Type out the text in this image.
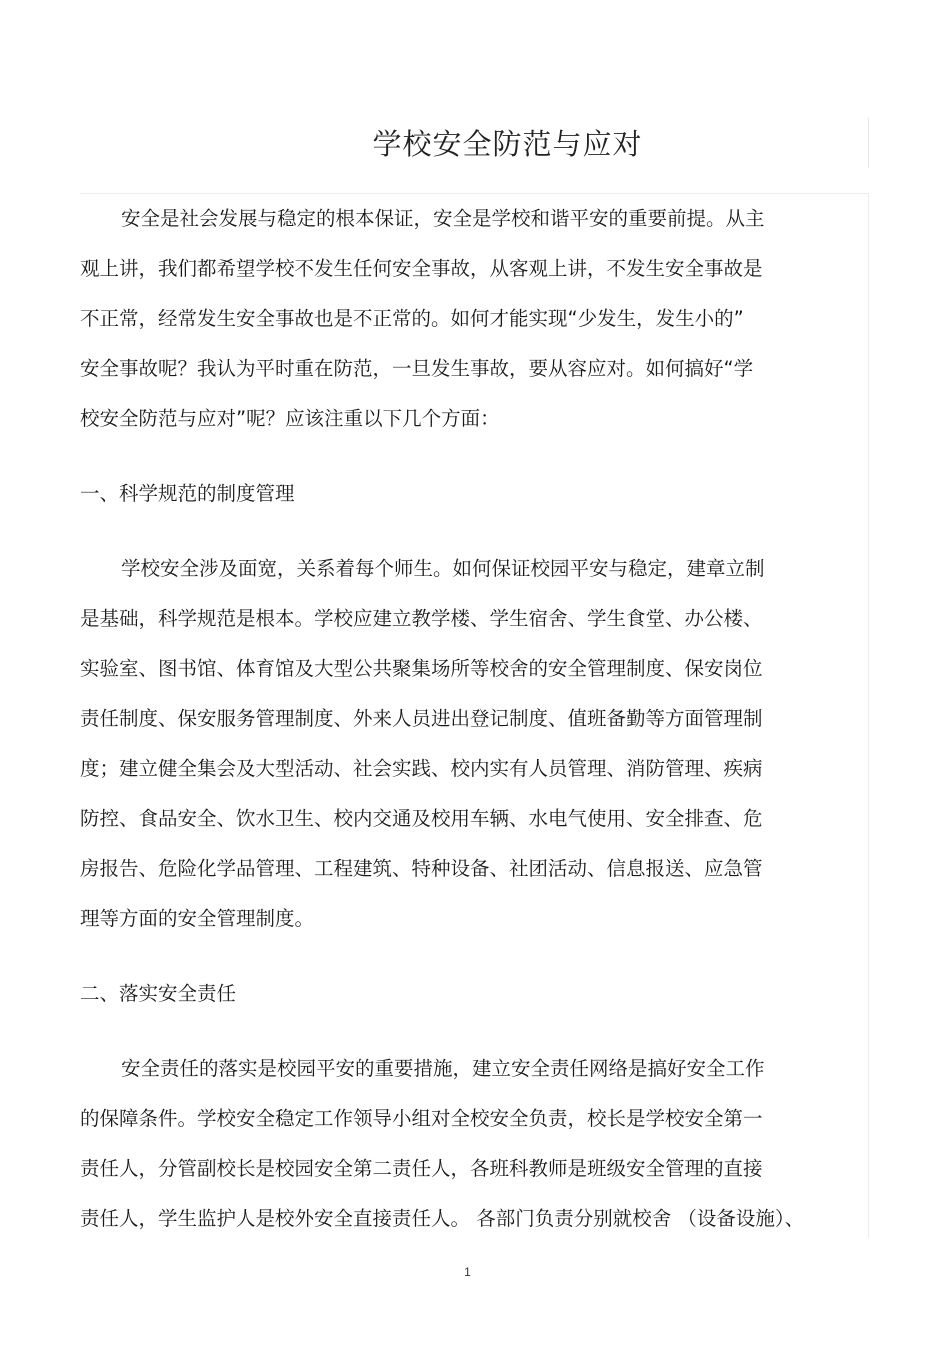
学校安全防范与应对
安全是社会发展与稳定的根本保证，安全是学校和谐平安的重要前提。从主
观上讲，我们都希望学校不发生任何安全事故，从客观上讲，不发生安全事故是
不正常，经常发生安全事故也是不正常的。如何才能实现“少发生，发生小的”
安全事故呢？我认为平时重在防范，一旦发生事故，要从容应对。如何搞好“学
校安全防范与应对”呢？应该注重以下几个方面：
一、科学规范的制度管理
学校安全涉及面宽，关系着每个师生。如何保证校园平安与稳定，建章立制
是基础，科学规范是根本。学校应建立教学楼、学生宿舍、学生食堂、办公楼、
实验室、图书馆、体育馆及大型公共聚集场所等校舍的安全管理制度、保安岗位
责任制度、保安服务管理制度、外来人员进出登记制度、值班备勤等方面管理制
度；建立健全集会及大型活动、社会实践、校内实有人员管理、消防管理、疾病
防控、食品安全、饮水卫生、校内交通及校用车辆、水电气使用、安全排查、危
房报告、危险化学品管理、工程建筑、特种设备、社团活动、信息报送、应急管
理等方面的安全管理制度。
二、落实安全责任
安全责任的落实是校园平安的重要措施，建立安全责任网络是搞好安全工作
的保障条件。学校安全稳定工作领导小组对全校安全负责，校长是学校安全第一
责任人，分管副校长是校园安全第二责任人，各班科教师是班级安全管理的直接
责任人，学生监护人是校外安全直接责任人。 各部门负责分别就校舍 （设备设施）、
1
